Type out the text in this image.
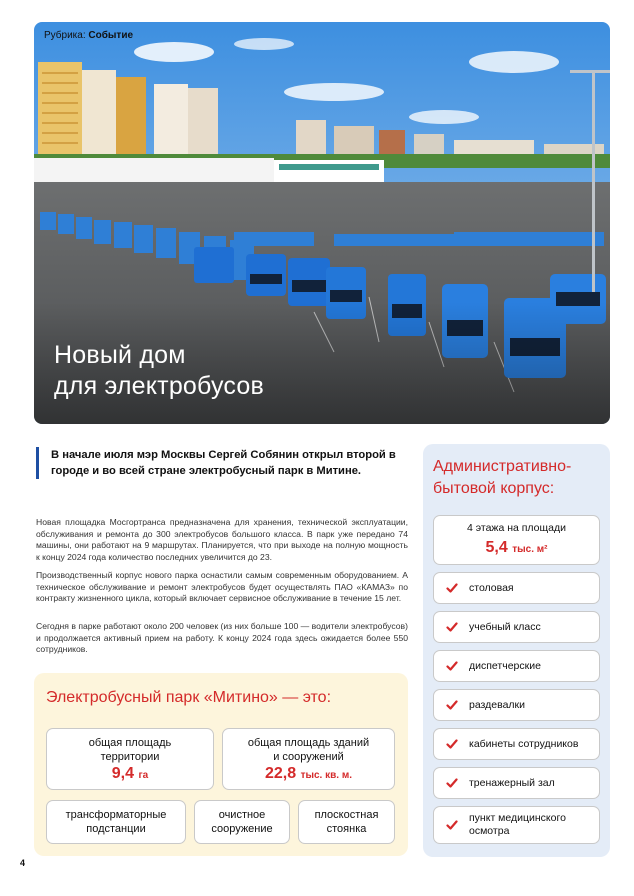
Рубрика: Событие
Новый дом
для электробусов
В начале июля мэр Москвы Сергей Собянин открыл второй в городе и во всей стране электробусный парк в Митине.

Новая площадка Мосгортранса предназначена для хранения, технической эксплуатации, обслуживания и ремонта до 300 электробусов большого класса. В парк уже передано 74 машины, они работают на 9 маршрутах. Планируется, что при выходе на полную мощность к концу 2024 года количество последних увеличится до 23.

Производственный корпус нового парка оснастили самым современным оборудованием. А техническое обслуживание и ремонт электробусов будет осуществлять ПАО «КАМАЗ» по контракту жизненного цикла, который включает сервисное обслуживание в течение 15 лет.

Сегодня в парке работают около 200 человек (из них больше 100 — водители электробусов) и продолжается активный прием на работу. К концу 2024 года здесь ожидается более 550 сотрудников.

Электробусный парк «Митино» — это:
общая площадь
территории
9,4 га
общая площадь зданий
и сооружений
22,8 тыс. кв. м.
трансформаторные
подстанции
очистное
сооружение
плоскостная
стоянка
Административно-
бытовой корпус:
4 этажа на площади
5,4 тыс. м²
столовая
учебный класс
диспетчерские
раздевалки
кабинеты сотрудников
тренажерный зал
пункт медицинского
осмотра
4
